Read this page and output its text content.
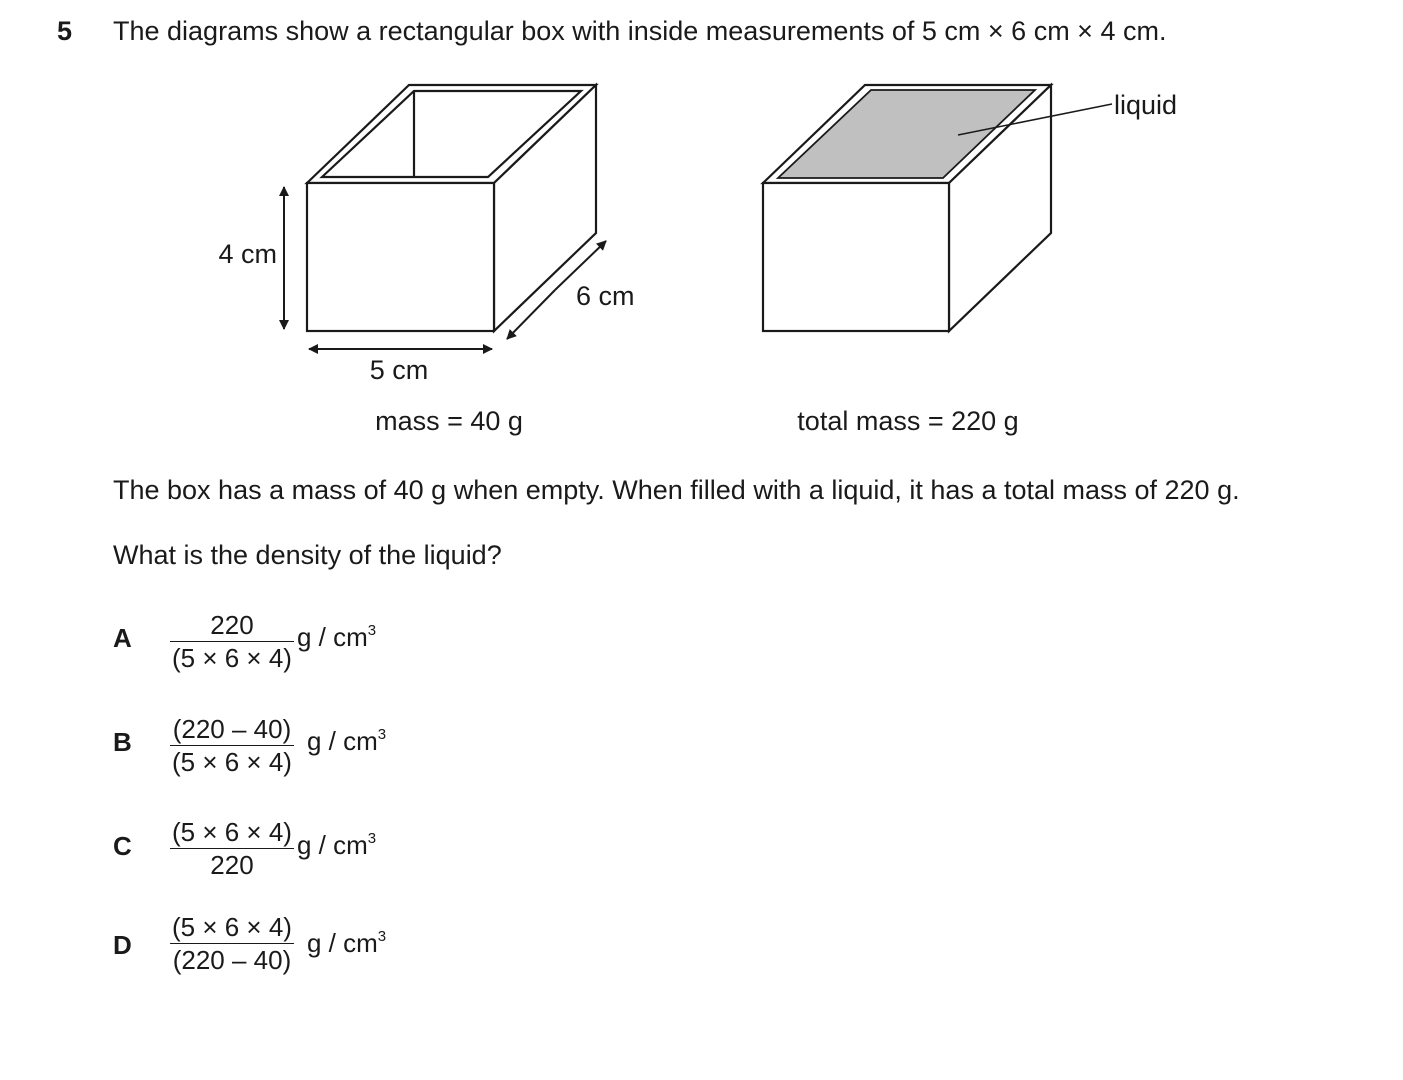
5 The diagrams show a rectangular box with inside measurements of 5 cm × 6 cm × 4 cm.
4 cm
5 cm
6 cm
mass = 40 g
liquid
total mass = 220 g
The box has a mass of 40 g when empty. When filled with a liquid, it has a total mass of 220 g.
What is the density of the liquid?
A $\frac{220}{(5 \times 6 \times 4)}$ g / $cm^3$
B $\frac{(220 - 40)}{(5 \times 6 \times 4)}$ g / $cm^3$
C $\frac{(5 \times 6 \times 4)}{220}$ g / $cm^3$
D $\frac{(5 \times 6 \times 4)}{(220 - 40)}$ g / $cm^3$
